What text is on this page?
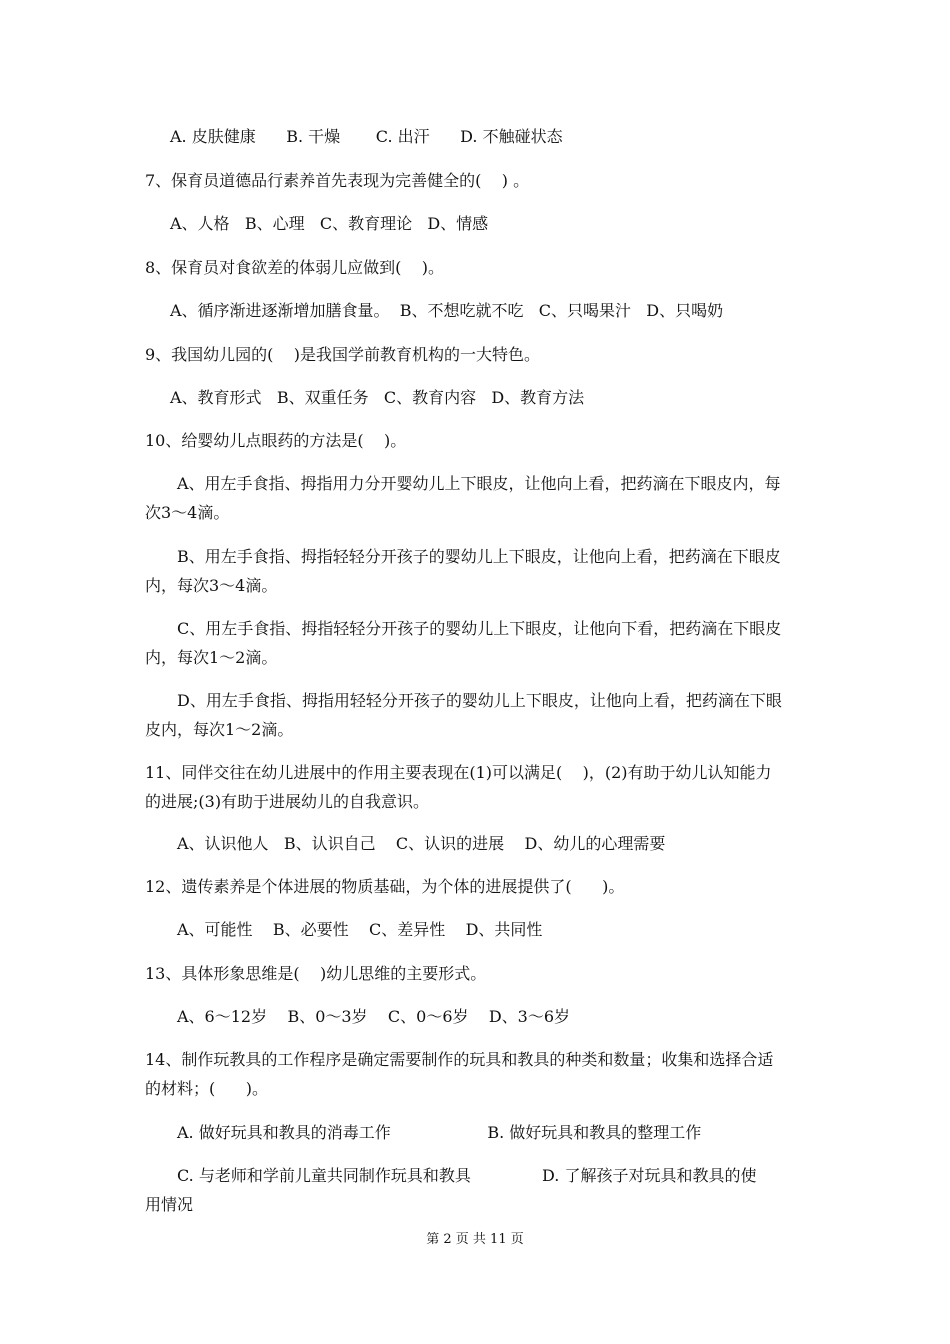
A. 皮肤健康      B. 干燥       C. 出汗      D. 不触碰状态
7、保育员道德品行素养首先表现为完善健全的(    ) 。
A、人格   B、心理   C、教育理论   D、情感
8、保育员对食欲差的体弱儿应做到(    )。
A、循序渐进逐渐增加膳食量。  B、不想吃就不吃   C、只喝果汁   D、只喝奶
9、我国幼儿园的(    )是我国学前教育机构的一大特色。
A、教育形式   B、双重任务   C、教育内容   D、教育方法
10、给婴幼儿点眼药的方法是(    )。
A、用左手食指、拇指用力分开婴幼儿上下眼皮，让他向上看，把药滴在下眼皮内，每
次3～4滴。
B、用左手食指、拇指轻轻分开孩子的婴幼儿上下眼皮，让他向上看，把药滴在下眼皮
内，每次3～4滴。
C、用左手食指、拇指轻轻分开孩子的婴幼儿上下眼皮，让他向下看，把药滴在下眼皮
内，每次1～2滴。
D、用左手食指、拇指用轻轻分开孩子的婴幼儿上下眼皮，让他向上看，把药滴在下眼
皮内，每次1～2滴。
11、同伴交往在幼儿进展中的作用主要表现在(1)可以满足(    )，(2)有助于幼儿认知能力
的进展;(3)有助于进展幼儿的自我意识。
A、认识他人   B、认识自己    C、认识的进展    D、幼儿的心理需要
12、遗传素养是个体进展的物质基础，为个体的进展提供了(      )。
A、可能性    B、必要性    C、差异性    D、共同性
13、具体形象思维是(    )幼儿思维的主要形式。
A、6～12岁    B、0～3岁    C、0～6岁    D、3～6岁
14、制作玩教具的工作程序是确定需要制作的玩具和教具的种类和数量；收集和选择合适
的材料；(      )。
A. 做好玩具和教具的消毒工作                   B. 做好玩具和教具的整理工作
C. 与老师和学前儿童共同制作玩具和教具              D. 了解孩子对玩具和教具的使
用情况
第 2 页 共 11 页
